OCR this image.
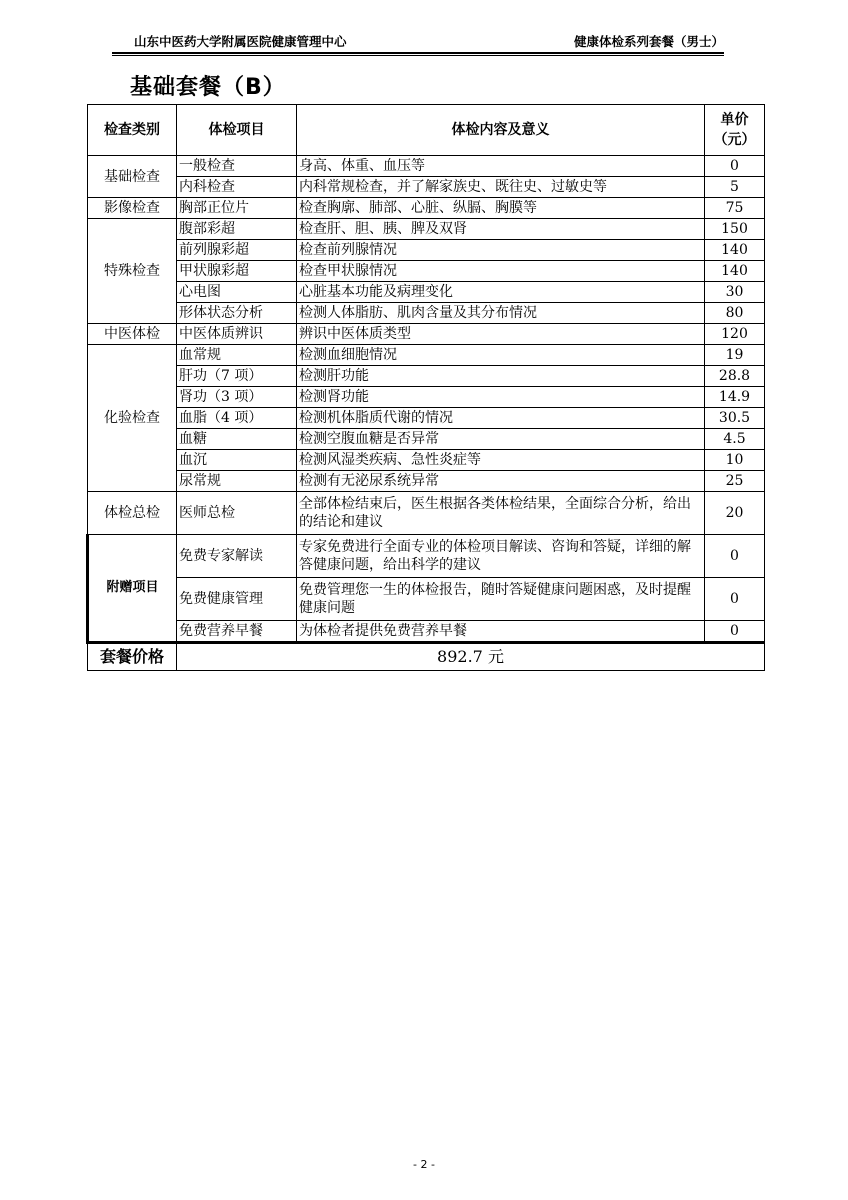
山东中医药大学附属医院健康管理中心	健康体检系列套餐（男士）
基础套餐（B）
检查类别	体检项目	体检内容及意义	单价
（元）
基础检查	一般检查	身高、体重、血压等	0
	内科检查	内科常规检查，并了解家族史、既往史、过敏史等	5
影像检查	胸部正位片	检查胸廓、肺部、心脏、纵膈、胸膜等	75
特殊检查	腹部彩超	检查肝、胆、胰、脾及双肾	150
	前列腺彩超	检查前列腺情况	140
	甲状腺彩超	检查甲状腺情况	140
	心电图	心脏基本功能及病理变化	30
	形体状态分析	检测人体脂肪、肌肉含量及其分布情况	80
中医体检	中医体质辨识	辨识中医体质类型	120
化验检查	血常规	检测血细胞情况	19
	肝功（7 项）	检测肝功能	28.8
	肾功（3 项）	检测肾功能	14.9
	血脂（4 项）	检测机体脂质代谢的情况	30.5
	血糖	检测空腹血糖是否异常	4.5
	血沉	检测风湿类疾病、急性炎症等	10
	尿常规	检测有无泌尿系统异常	25
体检总检	医师总检	全部体检结束后，医生根据各类体检结果，全面综合分析，给出的结论和建议	20
附赠项目	免费专家解读	专家免费进行全面专业的体检项目解读、咨询和答疑，详细的解答健康问题，给出科学的建议	0
	免费健康管理	免费管理您一生的体检报告，随时答疑健康问题困惑，及时提醒健康问题	0
	免费营养早餐	为体检者提供免费营养早餐	0
套餐价格	892.7 元		
- 2 -
